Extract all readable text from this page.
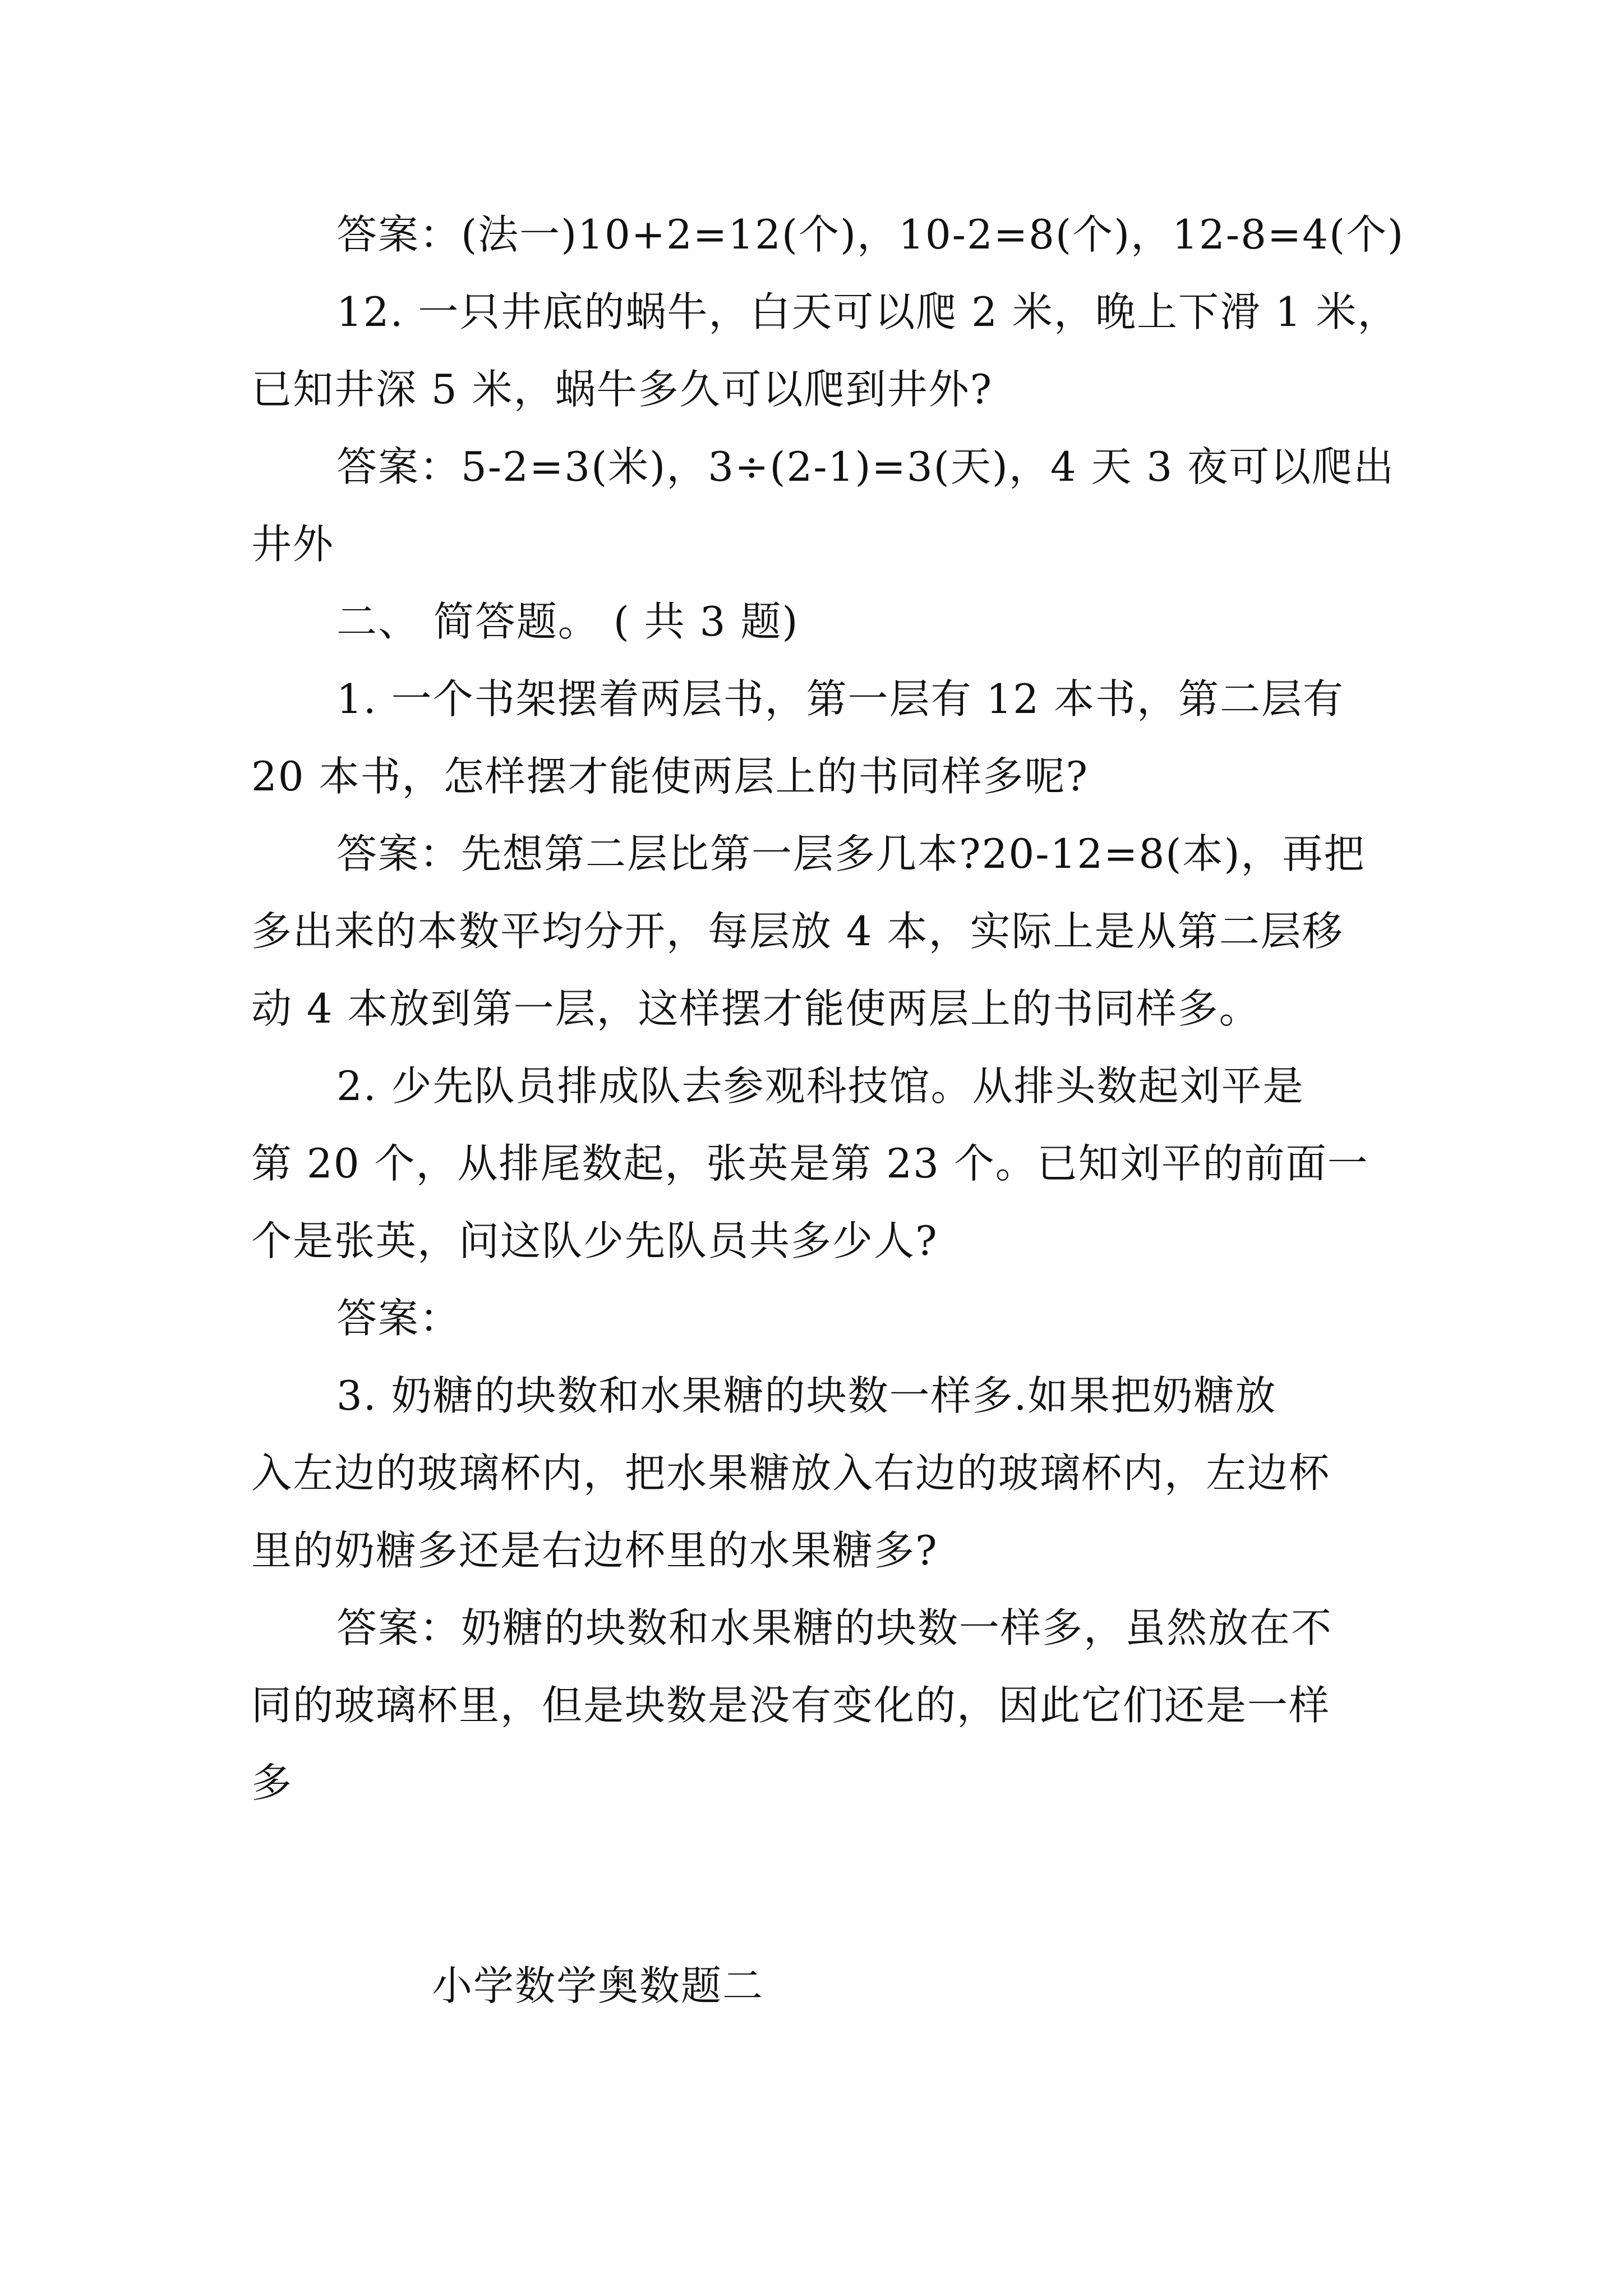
答案：(法一)10+2=12(个)，10-2=8(个)，12-8=4(个)
12. 一只井底的蜗牛，白天可以爬 2 米，晚上下滑 1 米，
已知井深 5 米，蜗牛多久可以爬到井外?
答案：5-2=3(米)，3÷(2-1)=3(天)，4 天 3 夜可以爬出
井外
二、 简答题。 ( 共 3 题)
1. 一个书架摆着两层书，第一层有 12 本书，第二层有
20 本书，怎样摆才能使两层上的书同样多呢?
答案：先想第二层比第一层多几本?20-12=8(本)，再把
多出来的本数平均分开，每层放 4 本，实际上是从第二层移
动 4 本放到第一层，这样摆才能使两层上的书同样多。
2. 少先队员排成队去参观科技馆。从排头数起刘平是
第 20 个，从排尾数起，张英是第 23 个。已知刘平的前面一
个是张英，问这队少先队员共多少人?
答案：
3. 奶糖的块数和水果糖的块数一样多.如果把奶糖放
入左边的玻璃杯内，把水果糖放入右边的玻璃杯内，左边杯
里的奶糖多还是右边杯里的水果糖多?
答案：奶糖的块数和水果糖的块数一样多，虽然放在不
同的玻璃杯里，但是块数是没有变化的，因此它们还是一样
多
小学数学奥数题二
